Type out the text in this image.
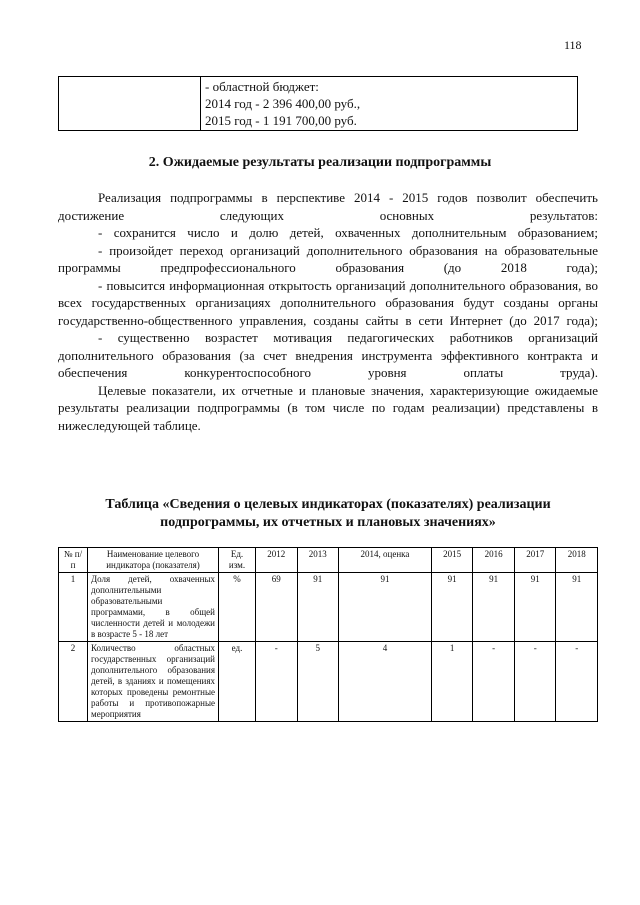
118

- областной бюджет:
2014 год - 2 396 400,00 руб.,
2015 год - 1 191 700,00 руб.
2. Ожидаемые результаты реализации подпрограммы

Реализация подпрограммы в перспективе 2014 - 2015 годов позволит обеспечить достижение следующих основных результатов:

- сохранится число и долю детей, охваченных дополнительным образованием;

- произойдет переход организаций дополнительного образования на образовательные программы предпрофессионального образования (до 2018 года);

- повысится информационная открытость организаций дополнительного образования, во всех государственных организациях дополнительного образования будут созданы органы государственно-общественного управления, созданы сайты в сети Интернет (до 2017 года);

- существенно возрастет мотивация педагогических работников организаций дополнительного образования (за счет внедрения инструмента эффективного контракта и обеспечения конкурентоспособного уровня оплаты труда).

Целевые показатели, их отчетные и плановые значения, характеризующие ожидаемые результаты реализации подпрограммы (в том числе по годам реализации) представлены в нижеследующей таблице.

Таблица «Сведения о целевых индикаторах (показателях) реализации подпрограммы, их отчетных и плановых значениях»
№ п/п	Наименование целевого индикатора (показателя)	Ед. изм.	2012	2013	2014, оценка	2015	2016	2017	2018
1	Доля детей, охваченных дополнительными образовательными программами, в общей численности детей и молодежи в возрасте 5 - 18 лет	%	69	91	91	91	91	91	91
2	Количество областных государственных организаций дополнительного образования детей, в зданиях и помещениях которых проведены ремонтные работы и противопожарные мероприятия	ед.	-	5	4	1	-	-	-
